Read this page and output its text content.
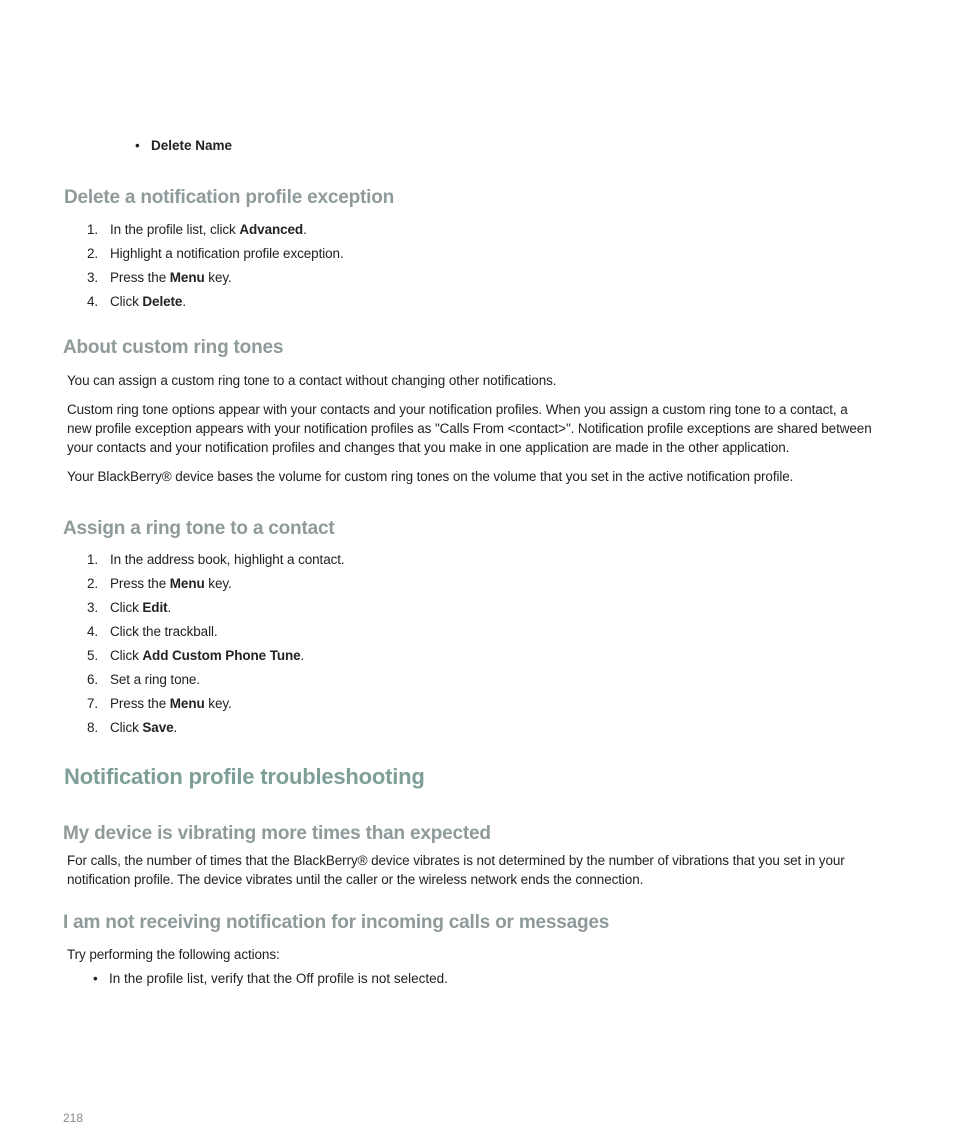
• Delete Name
Delete a notification profile exception
1. In the profile list, click Advanced.
2. Highlight a notification profile exception.
3. Press the Menu key.
4. Click Delete.
About custom ring tones

You can assign a custom ring tone to a contact without changing other notifications.

Custom ring tone options appear with your contacts and your notification profiles. When you assign a custom ring tone to a contact, a
new profile exception appears with your notification profiles as "Calls From <contact>". Notification profile exceptions are shared between
your contacts and your notification profiles and changes that you make in one application are made in the other application.

Your BlackBerry® device bases the volume for custom ring tones on the volume that you set in the active notification profile.

Assign a ring tone to a contact
1. In the address book, highlight a contact.
2. Press the Menu key.
3. Click Edit.
4. Click the trackball.
5. Click Add Custom Phone Tune.
6. Set a ring tone.
7. Press the Menu key.
8. Click Save.
Notification profile troubleshooting
My device is vibrating more times than expected
For calls, the number of times that the BlackBerry® device vibrates is not determined by the number of vibrations that you set in your
notification profile. The device vibrates until the caller or the wireless network ends the connection.
I am not receiving notification for incoming calls or messages

Try performing the following actions:

• In the profile list, verify that the Off profile is not selected.
218
